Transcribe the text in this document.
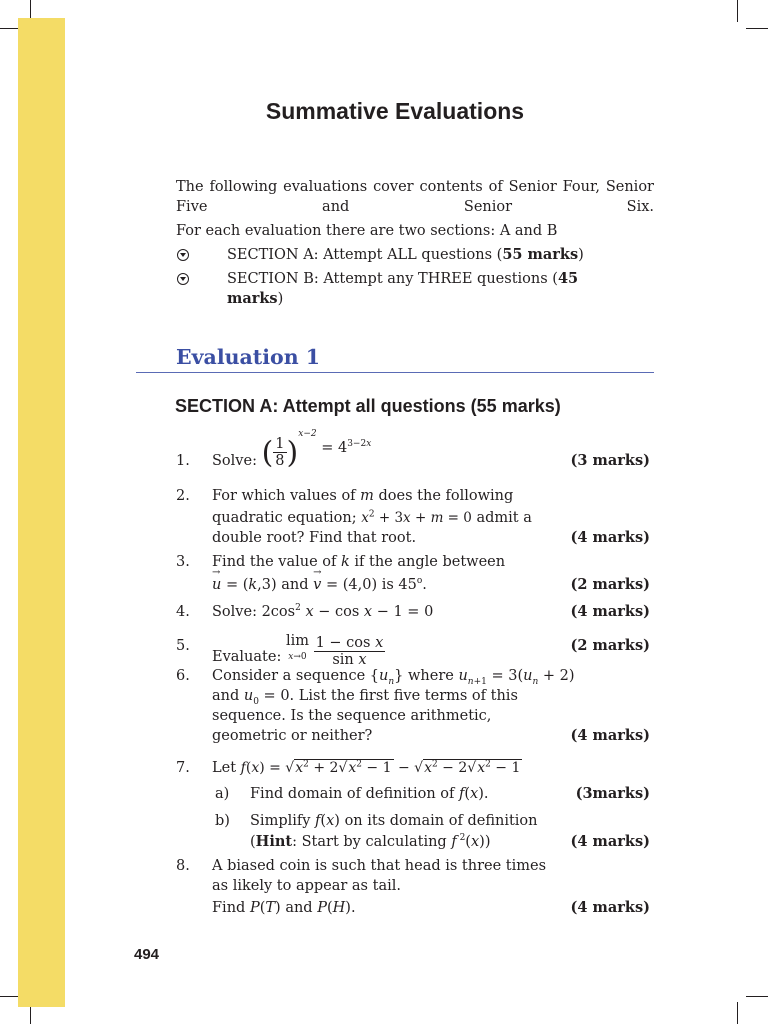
Summative Evaluations
The following evaluations cover contents of Senior Four, Senior Five and Senior Six.
For each evaluation there are two sections: A and B
SECTION A: Attempt ALL questions (55 marks)
SECTION B: Attempt any THREE questions (45 marks)
Evaluation 1
SECTION A: Attempt all questions (55 marks)
1. Solve: ( $\frac{1}{8} )^{x-2} = 4^{3-2x}$
(3 marks)
2. For which values of m does the following
quadratic equation; $x^2 + 3x + m = 0$ admit a
double root? Find that root.	(4 marks)
3. Find the value of k if the angle between
→ u = (k,3) and → v = (4,0) is 45$^o$.	(2 marks)
4. Solve: $2\cos^2$ x − cos x − 1 = 0	(4 marks)
5.
Evaluate: lim
$x\to 0 \frac{\text{1 − cos x}}{\text{sin x}}$	(2 marks)
6. Consider a sequence $\{u_n\}$ where $u_{n+1} = 3(u_n + 2)$
and $u_0 = 0$. List the first five terms of this
sequence. Is the sequence arithmetic,
geometric or neither?	(4 marks)
7. Let $f(x) = √x^2 + 2√x^2 - 1 - √x^2 - 2√x^2 - 1$
a) Find domain of definition of f(x).	(3marks)
b) Simplify f(x) on its domain of definition
(Hint: Start by calculating f $^2$(x))	(4 marks)
8. A biased coin is such that head is three times
as likely to appear as tail.
Find P(T) and P(H).	(4 marks)
494
